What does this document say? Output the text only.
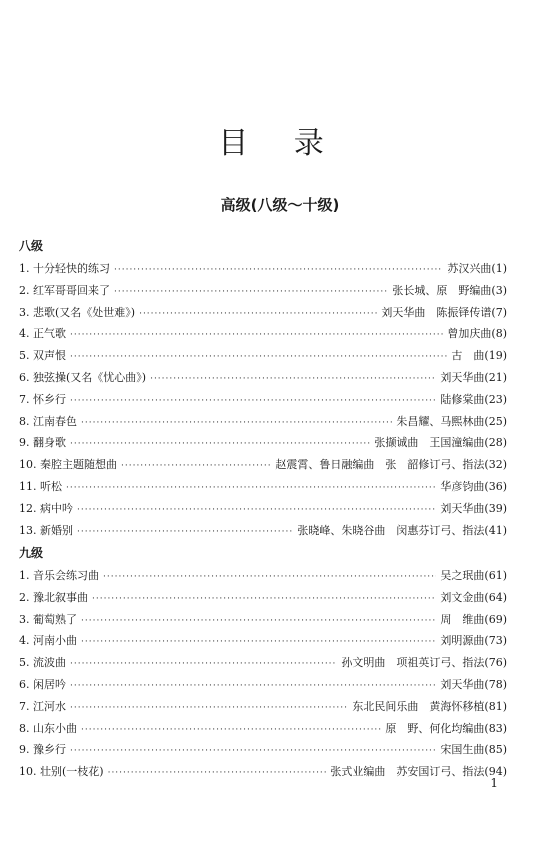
目 录
高级(八级～十级)
八级
1. 十分轻快的练习 ·····	苏汉兴曲(1)
2. 红军哥哥回来了 ·····	张长城、原　野编曲(3)
3. 悲歌(又名《处世难》) ·····	刘天华曲　陈振铎传谱(7)
4. 正气歌 ·····	曾加庆曲(8)
5. 双声恨 ·····	古　曲(19)
6. 独弦操(又名《忧心曲》) ·····	刘天华曲(21)
7. 怀乡行 ·····	陆修棠曲(23)
8. 江南春色 ·····	朱昌耀、马熙林曲(25)
9. 翻身歌 ·····	张撷诚曲　王国潼编曲(28)
10. 秦腔主题随想曲 ·····	赵震霄、鲁日融编曲　张　韶修订弓、指法(32)
11. 听松 ·····	华彦钧曲(36)
12. 病中吟 ·····	刘天华曲(39)
13. 新婚别 ·····	张晓峰、朱晓谷曲　闵惠芬订弓、指法(41)
九级
1. 音乐会练习曲 ·····	吴之珉曲(61)
2. 豫北叙事曲 ·····	刘文金曲(64)
3. 葡萄熟了 ·····	周　维曲(69)
4. 河南小曲 ·····	刘明源曲(73)
5. 流波曲 ·····	孙文明曲　项祖英订弓、指法(76)
6. 闲居吟 ·····	刘天华曲(78)
7. 江河水 ·····	东北民间乐曲　黄海怀移植(81)
8. 山东小曲 ·····	原　野、何化均编曲(83)
9. 豫乡行 ·····	宋国生曲(85)
10. 壮别(一枝花) ·····	张式业编曲　苏安国订弓、指法(94)
1
